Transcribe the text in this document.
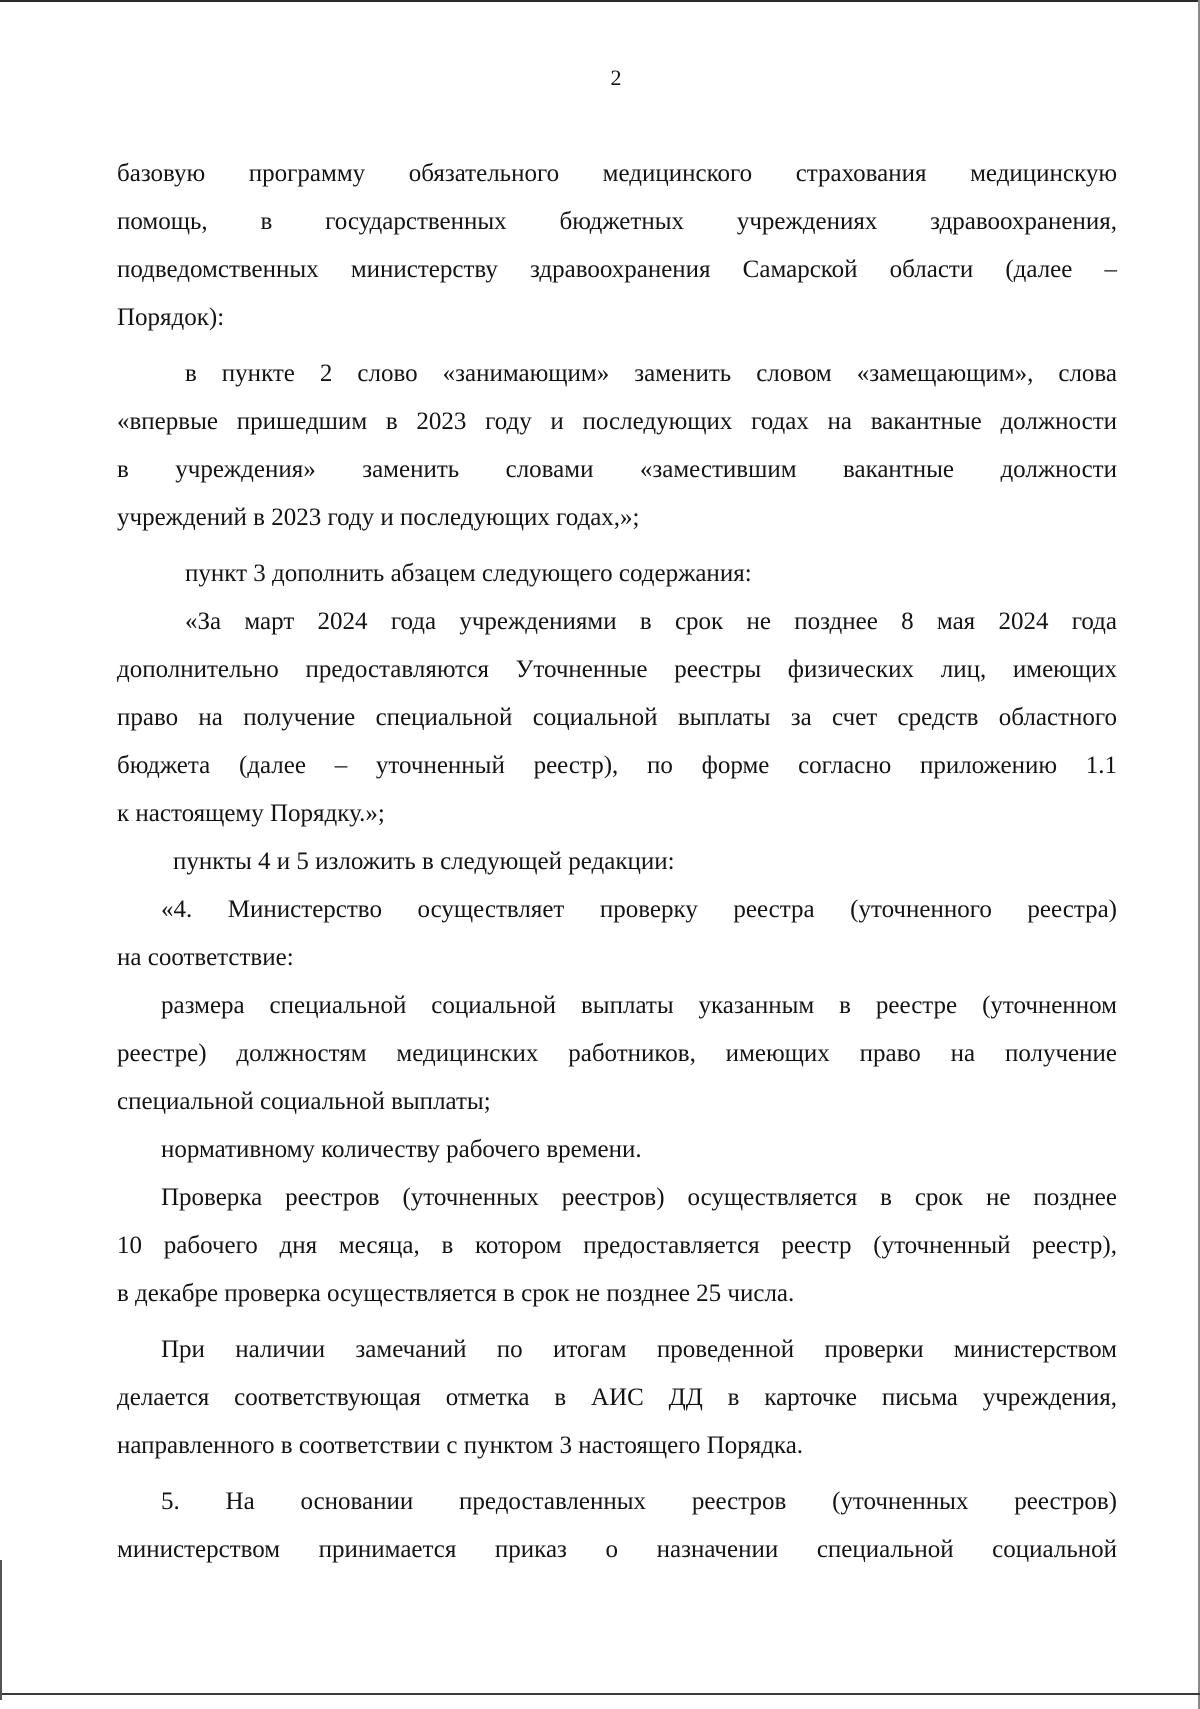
2
базовую программу обязательного медицинского страхования медицинскую
помощь, в государственных бюджетных учреждениях здравоохранения,
подведомственных министерству здравоохранения Самарской области (далее –
Порядок):
в пункте 2 слово «занимающим» заменить словом «замещающим», слова
«впервые пришедшим в 2023 году и последующих годах на вакантные должности
в учреждения» заменить словами «заместившим вакантные должности
учреждений в 2023 году и последующих годах,»;
пункт 3 дополнить абзацем следующего содержания:
«За март 2024 года учреждениями в срок не позднее 8 мая 2024 года
дополнительно предоставляются Уточненные реестры физических лиц, имеющих
право на получение специальной социальной выплаты за счет средств областного
бюджета (далее – уточненный реестр), по форме согласно приложению 1.1
к настоящему Порядку.»;
пункты 4 и 5 изложить в следующей редакции:
«4. Министерство осуществляет проверку реестра (уточненного реестра)
на соответствие:
размера специальной социальной выплаты указанным в реестре (уточненном
реестре) должностям медицинских работников, имеющих право на получение
специальной социальной выплаты;
нормативному количеству рабочего времени.
Проверка реестров (уточненных реестров) осуществляется в срок не позднее
10 рабочего дня месяца, в котором предоставляется реестр (уточненный реестр),
в декабре проверка осуществляется в срок не позднее 25 числа.
При наличии замечаний по итогам проведенной проверки министерством
делается соответствующая отметка в АИС ДД в карточке письма учреждения,
направленного в соответствии с пунктом 3 настоящего Порядка.
5. На основании предоставленных реестров (уточненных реестров)
министерством принимается приказ о назначении специальной социальной
